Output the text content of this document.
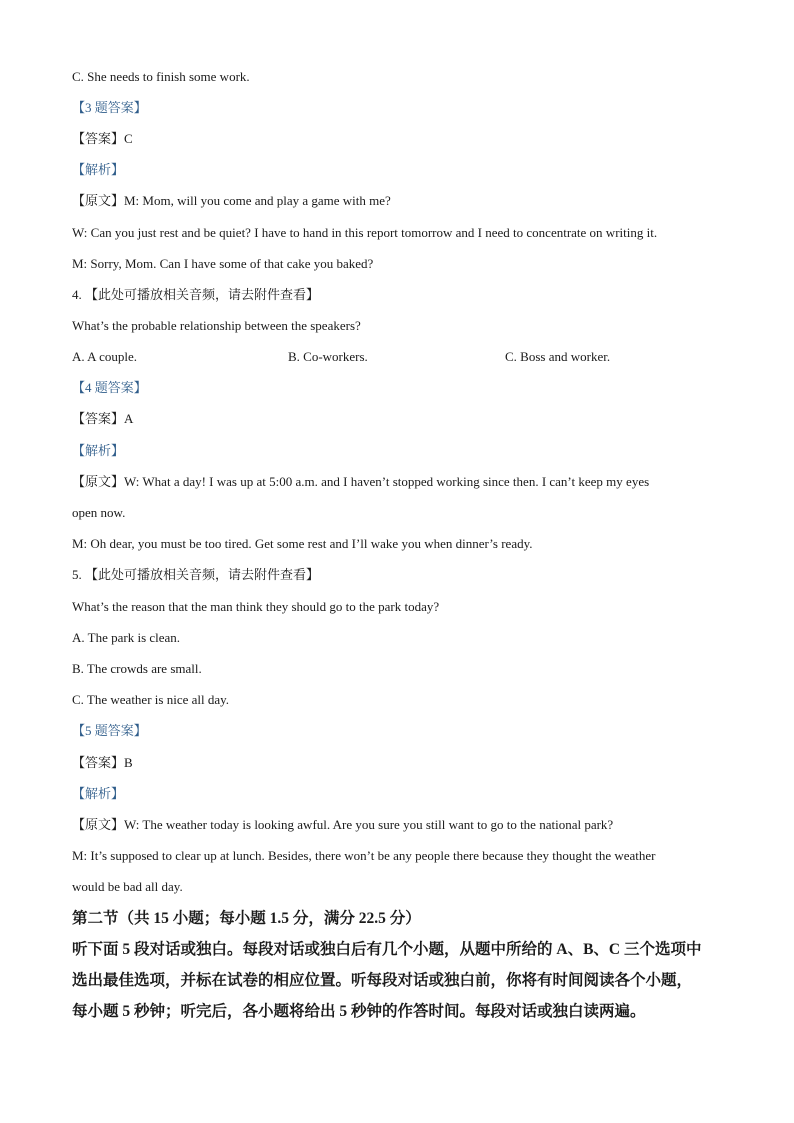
C. She needs to finish some work.
【3 题答案】
【答案】C
【解析】
【原文】M: Mom, will you come and play a game with me?
W: Can you just rest and be quiet? I have to hand in this report tomorrow and I need to concentrate on writing it.
M: Sorry, Mom. Can I have some of that cake you baked?
4. 【此处可播放相关音频，请去附件查看】
What’s the probable relationship between the speakers?
A. A couple.	B. Co-workers.	C. Boss and worker.
【4 题答案】
【答案】A
【解析】
【原文】W: What a day! I was up at 5:00 a.m. and I haven’t stopped working since then. I can’t keep my eyes
open now.
M: Oh dear, you must be too tired. Get some rest and I’ll wake you when dinner’s ready.
5. 【此处可播放相关音频，请去附件查看】
What’s the reason that the man think they should go to the park today?
A. The park is clean.
B. The crowds are small.
C. The weather is nice all day.
【5 题答案】
【答案】B
【解析】
【原文】W: The weather today is looking awful. Are you sure you still want to go to the national park?
M: It’s supposed to clear up at lunch. Besides, there won’t be any people there because they thought the weather
would be bad all day.
第二节（共 15 小题；每小题 1.5 分，满分 22.5 分）
听下面 5 段对话或独白。每段对话或独白后有几个小题，从题中所给的 A、B、C 三个选项中
选出最佳选项，并标在试卷的相应位置。听每段对话或独白前，你将有时间阅读各个小题，
每小题 5 秒钟；听完后，各小题将给出 5 秒钟的作答时间。每段对话或独白读两遍。
